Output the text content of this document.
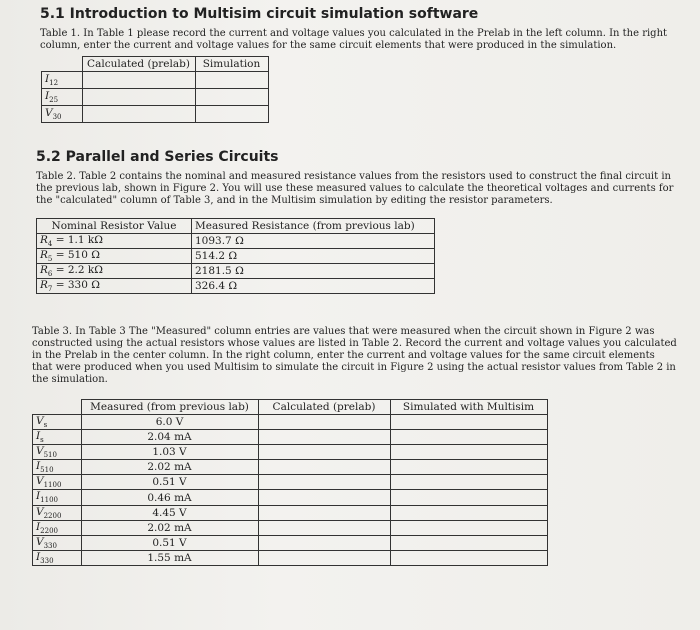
5.1 Introduction to Multisim circuit simulation software
Table 1. In Table 1 please record the current and voltage values you calculated in the Prelab in the left column. In the right column, enter the current and voltage values for the same circuit elements that were produced in the simulation.
	Calculated (prelab)	Simulation
$I_{12}$		
$I_{25}$		
$V_{30}$		
5.2 Parallel and Series Circuits
Table 2. Table 2 contains the nominal and measured resistance values from the resistors used to construct the final circuit in the previous lab, shown in Figure 2. You will use these measured values to calculate the theoretical voltages and currents for the "calculated" column of Table 3, and in the Multisim simulation by editing the resistor parameters.
Nominal Resistor Value	Measured Resistance (from previous lab)
$R_4 = 1.1$ kΩ	1093.7 Ω
$R_5 = 510$ Ω	514.2 Ω
$R_6 = 2.2$ kΩ	2181.5 Ω
$R_7 = 330$ Ω	326.4 Ω
Table 3. In Table 3 The "Measured" column entries are values that were measured when the circuit shown in Figure 2 was constructed using the actual resistors whose values are listed in Table 2. Record the current and voltage values you calculated in the Prelab in the center column. In the right column, enter the current and voltage values for the same circuit elements that were produced when you used Multisim to simulate the circuit in Figure 2 using the actual resistor values from Table 2 in the simulation.
	Measured (from previous lab)	Calculated (prelab)	Simulated with Multisim
$V_s$	6.0 V		
$I_s$	2.04 mA		
$V_{510}$	1.03 V		
$I_{510}$	2.02 mA		
$V_{1100}$	0.51 V		
$I_{1100}$	0.46 mA		
$V_{2200}$	4.45 V		
$I_{2200}$	2.02 mA		
$V_{330}$	0.51 V		
$I_{330}$	1.55 mA		
